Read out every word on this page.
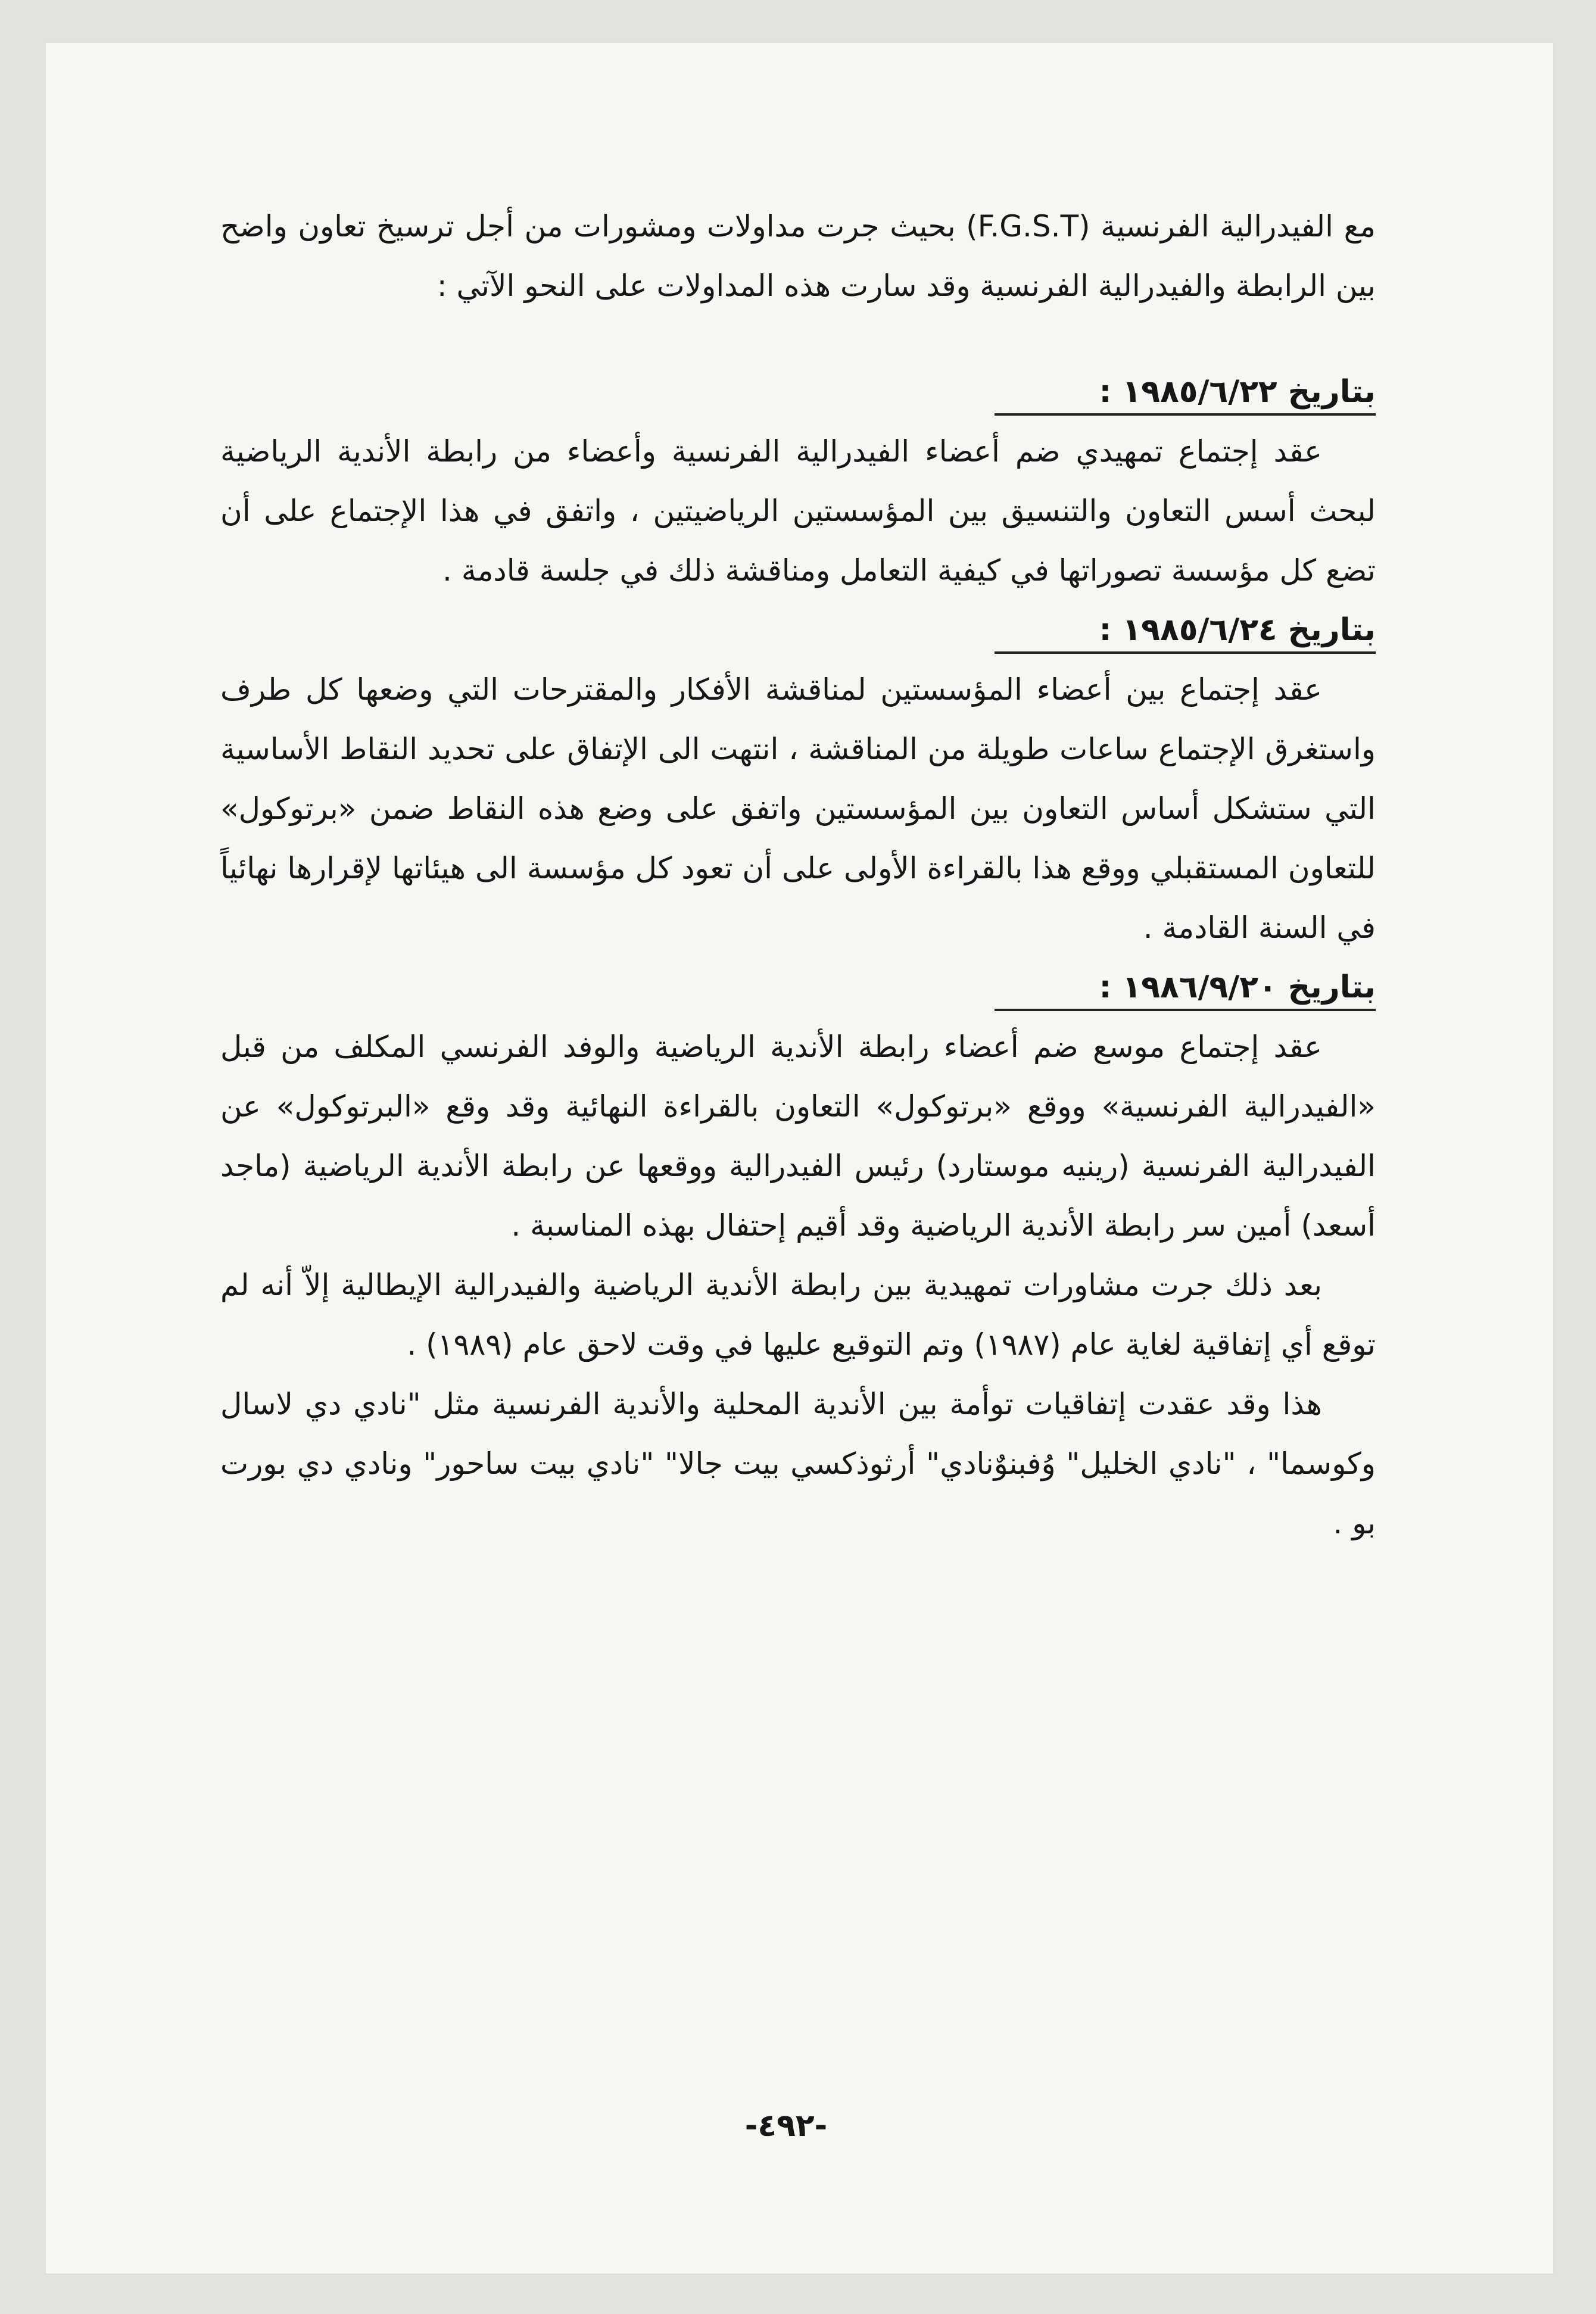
مع الفيدرالية الفرنسية (F.G.S.T) بحيث جرت مداولات ومشورات من أجل ترسيخ تعاون واضح بين الرابطة والفيدرالية الفرنسية وقد سارت هذه المداولات على النحو الآتي :

بتاريخ ١٩٨٥/٦/٢٢ :

عقد إجتماع تمهيدي ضم أعضاء الفيدرالية الفرنسية وأعضاء من رابطة الأندية الرياضية لبحث أسس التعاون والتنسيق بين المؤسستين الرياضيتين ، واتفق في هذا الإجتماع على أن تضع كل مؤسسة تصوراتها في كيفية التعامل ومناقشة ذلك في جلسة قادمة .

بتاريخ ١٩٨٥/٦/٢٤ :

عقد إجتماع بين أعضاء المؤسستين لمناقشة الأفكار والمقترحات التي وضعها كل طرف واستغرق الإجتماع ساعات طويلة من المناقشة ، انتهت الى الإتفاق على تحديد النقاط الأساسية التي ستشكل أساس التعاون بين المؤسستين واتفق على وضع هذه النقاط ضمن «برتوكول» للتعاون المستقبلي ووقع هذا بالقراءة الأولى على أن تعود كل مؤسسة الى هيئاتها لإقرارها نهائياً في السنة القادمة .

بتاريخ ١٩٨٦/٩/٢٠ :

عقد إجتماع موسع ضم أعضاء رابطة الأندية الرياضية والوفد الفرنسي المكلف من قبل «الفيدرالية الفرنسية» ووقع «برتوكول» التعاون بالقراءة النهائية وقد وقع «البرتوكول» عن الفيدرالية الفرنسية (رينيه موستارد) رئيس الفيدرالية ووقعها عن رابطة الأندية الرياضية (ماجد أسعد) أمين سر رابطة الأندية الرياضية وقد أقيم إحتفال بهذه المناسبة .

بعد ذلك جرت مشاورات تمهيدية بين رابطة الأندية الرياضية والفيدرالية الإيطالية إلاّ أنه لم توقع أي إتفاقية لغاية عام (١٩٨٧) وتم التوقيع عليها في وقت لاحق عام (١٩٨٩) .

هذا وقد عقدت إتفاقيات توأمة بين الأندية المحلية والأندية الفرنسية مثل "نادي دي لاسال وكوسما" ، "نادي الخليل" وُفبنوٌنادي" أرثوذكسي بيت جالا" "نادي بيت ساحور" ونادي دي بورت بو .

-٤٩٢-
